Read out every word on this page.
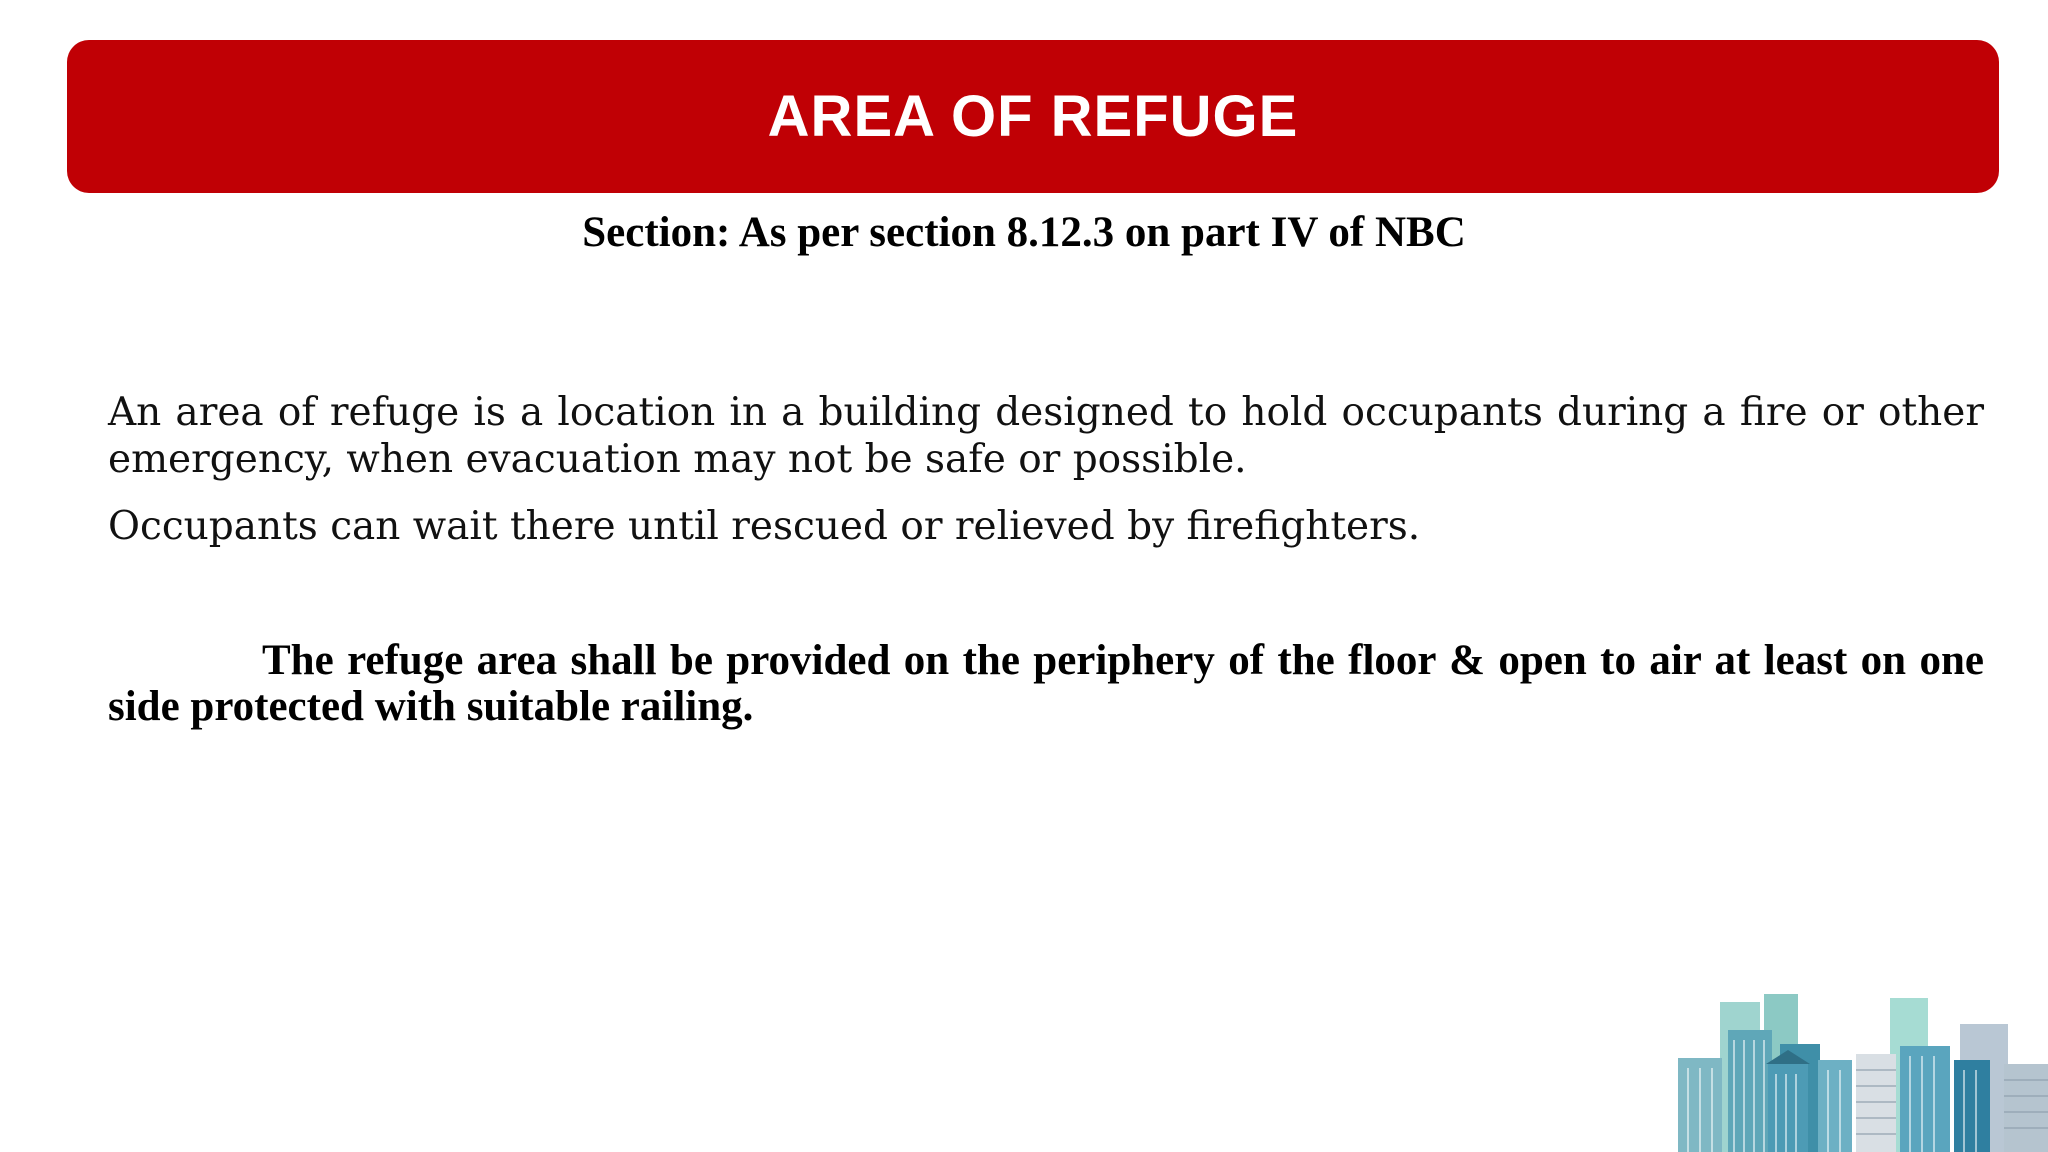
AREA OF REFUGE
Section: As per section 8.12.3 on part IV of NBC
An area of refuge is a location in a building designed to hold occupants during a fire or other emergency, when evacuation may not be safe or possible.
Occupants can wait there until rescued or relieved by firefighters.
The refuge area shall be provided on the periphery of the floor & open to air at least on one side protected with suitable railing.
